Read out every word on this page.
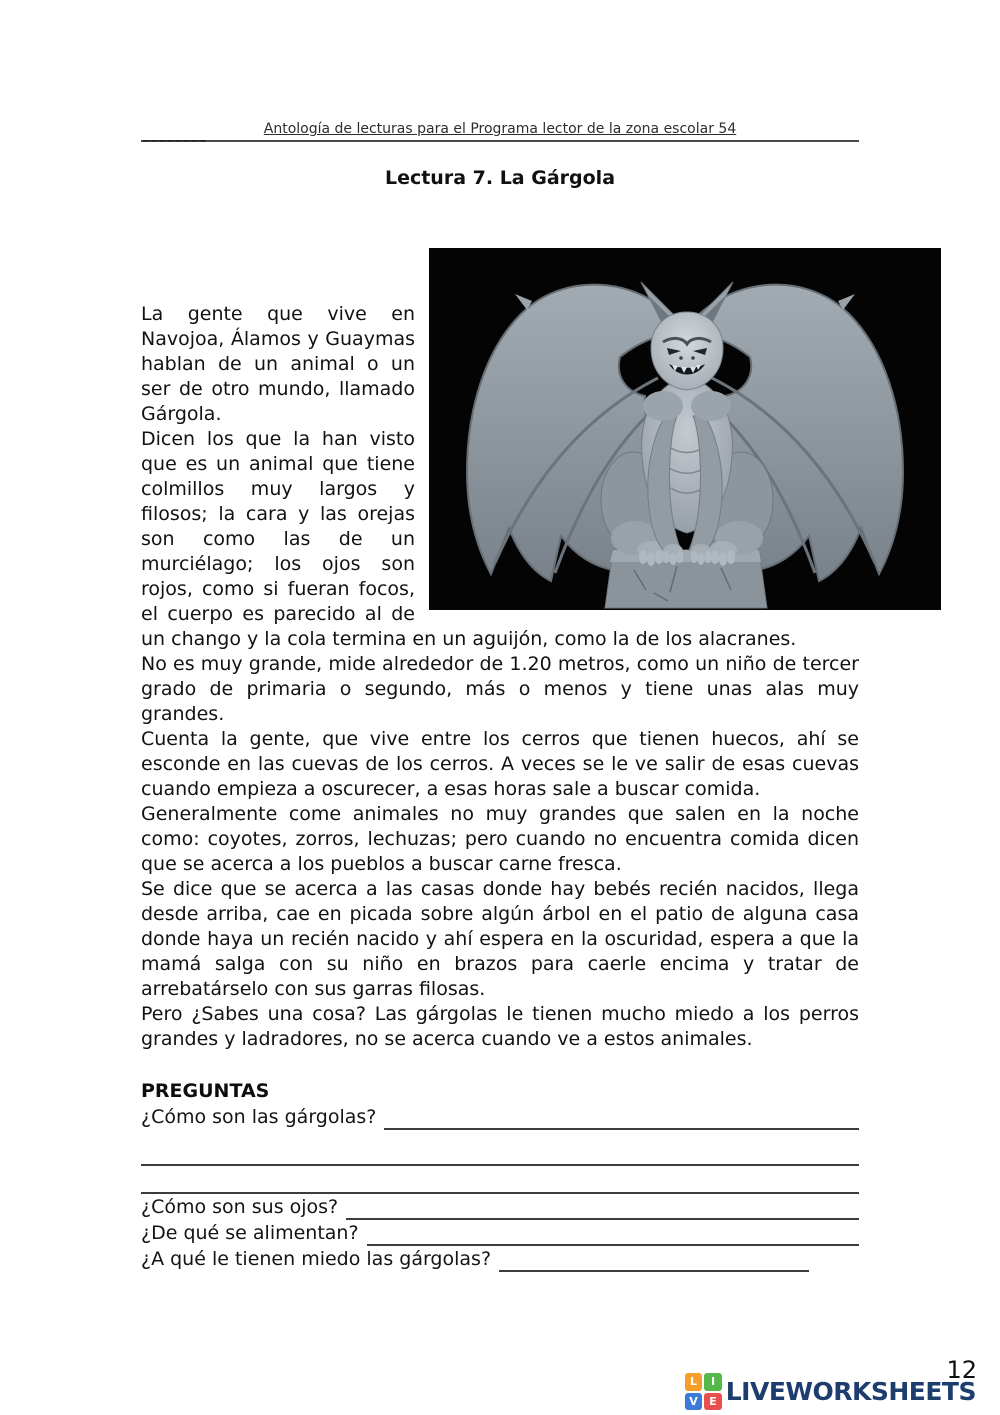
________	Antología de lecturas para el Programa lector de la zona escolar 54
Lectura 7. La Gárgola

La gente que vive en Navojoa, Álamos y Guaymas hablan de un animal o un ser de otro mundo, llamado Gárgola.

Dicen los que la han visto que es un animal que tiene colmillos muy largos y filosos; la cara y las orejas son como las de un murciélago; los ojos son rojos, como si fueran focos, el cuerpo es parecido al de un chango y la cola termina en un aguijón, como la de los alacranes.

No es muy grande, mide alrededor de 1.20 metros, como un niño de tercer grado de primaria o segundo, más o menos y tiene unas alas muy grandes.

Cuenta la gente, que vive entre los cerros que tienen huecos, ahí se esconde en las cuevas de los cerros. A veces se le ve salir de esas cuevas cuando empieza a oscurecer, a esas horas sale a buscar comida.

Generalmente come animales no muy grandes que salen en la noche como: coyotes, zorros, lechuzas; pero cuando no encuentra comida dicen que se acerca a los pueblos a buscar carne fresca.

Se dice que se acerca a las casas donde hay bebés recién nacidos, llega desde arriba, cae en picada sobre algún árbol en el patio de alguna casa donde haya un recién nacido y ahí espera en la oscuridad, espera a que la mamá salga con su niño en brazos para caerle encima y tratar de arrebatárselo con sus garras filosas.

Pero ¿Sabes una cosa? Las gárgolas le tienen mucho miedo a los perros grandes y ladradores, no se acerca cuando ve a estos animales.

PREGUNTAS
¿Cómo son las gárgolas?
¿Cómo son sus ojos?
¿De qué se alimentan?
¿A qué le tienen miedo las gárgolas?
L	I
V	E LIVEWORKSHEETS
12
